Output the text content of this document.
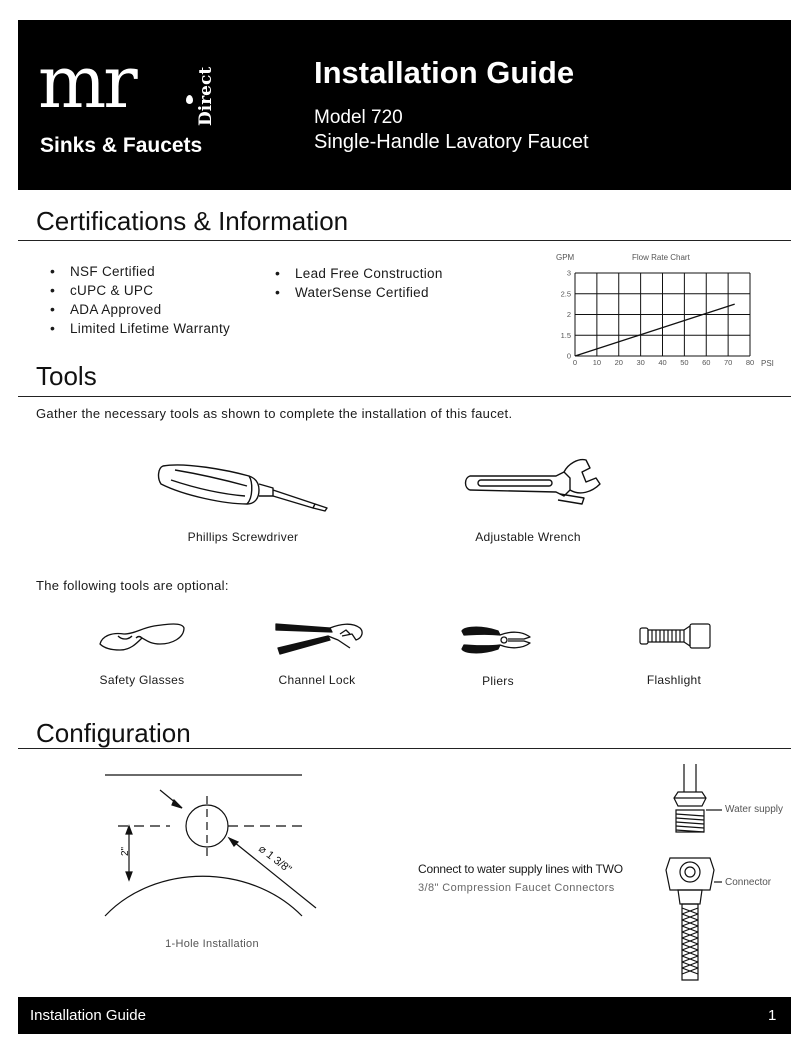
mr	Direct
Sinks & Faucets
Installation Guide
Model 720
Single-Handle Lavatory Faucet
Certifications & Information
• NSF Certified
• cUPC & UPC
• ADA Approved
• Limited Lifetime Warranty
• Lead Free Construction
• WaterSense Certified
Flow Rate Chart
GPM
PSI
0 10 20 30 40 50 60 70 80
0
1.5
2
2.5
3
Tools
Gather the necessary tools as shown to complete the installation of this faucet.
Phillips Screwdriver	Adjustable Wrench
The following tools are optional:
Safety Glasses	Channel Lock	Pliers	Flashlight
Configuration
2"	⌀ 1 3/8"
1-Hole Installation
Connect to water supply lines with TWO
3/8" Compression Faucet Connectors
Water supply
Connector
Installation Guide	1
